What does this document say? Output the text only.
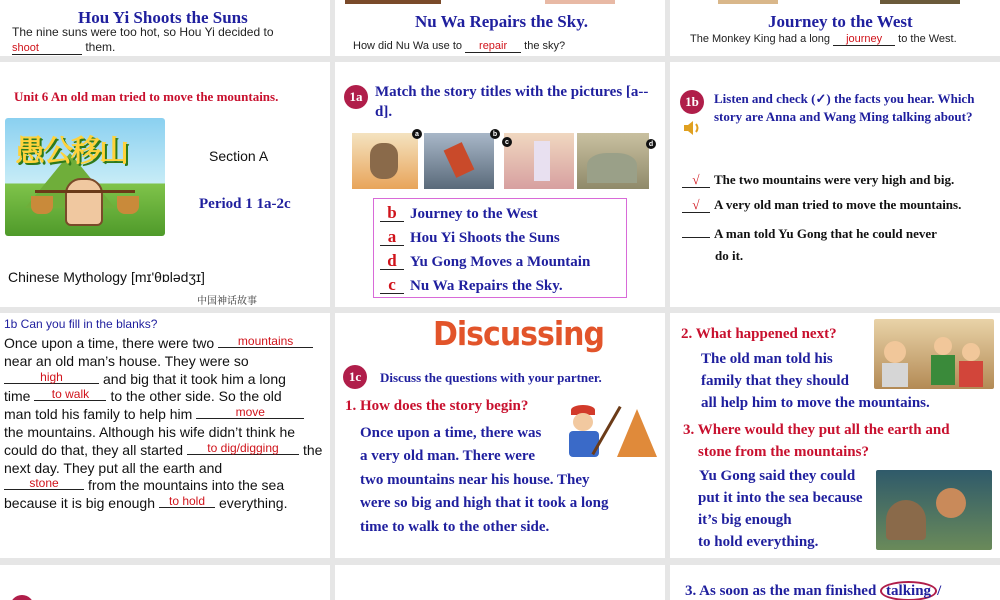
Hou Yi Shoots the Suns
The nine suns were too hot, so Hou Yi decided to
shoot	them.
Nu Wa Repairs the Sky.
How did Nu Wa use to repair the sky?
Journey to the West
The Monkey King had a long journey to the West.
Unit 6 An old man tried to move the mountains.
愚公移山	Section A
Period 1 1a-2c
Chinese Mythology [mɪ'θɒlədʒɪ]
中国神话故事
1a Match the story titles with the pictures [a--d].
a	b
c	d
b Journey to the West
a Hou Yi Shoots the Suns
d Yu Gong Moves a Mountain
c Nu Wa Repairs the Sky.
1b	Listen and check (✓) the facts you hear. Which story are Anna and Wang Ming talking about?
√ The two mountains were very high and big.
√ A very old man tried to move the mountains.
A man told Yu Gong that he could never
do it.
1b Can you fill in the blanks?
Once upon a time, there were two mountains
near an old man’s house. They were so
high	and big that it took him a long
time to walk to the other side. So the old
man told his family to help him	move
the mountains. Although his wife didn’t think he
could do that, they all started to dig/digging the
next day. They put all the earth and
stone from the mountains into the sea
because it is big enough to hold everything.
Discussing
1c	Discuss the questions with your partner.
1. How does the story begin?
Once upon a time, there was
a very old man. There were
two mountains near his house. They
were so big and high that it took a long
time to walk to the other side.
2. What happened next?
The old man told his
family that they should
all help him to move the mountains.
3. Where would they put all the earth and
stone from the mountains?
Yu Gong said they could
put it into the sea because
it’s big enough
to hold everything.
3. As soon as the man finished talking /
